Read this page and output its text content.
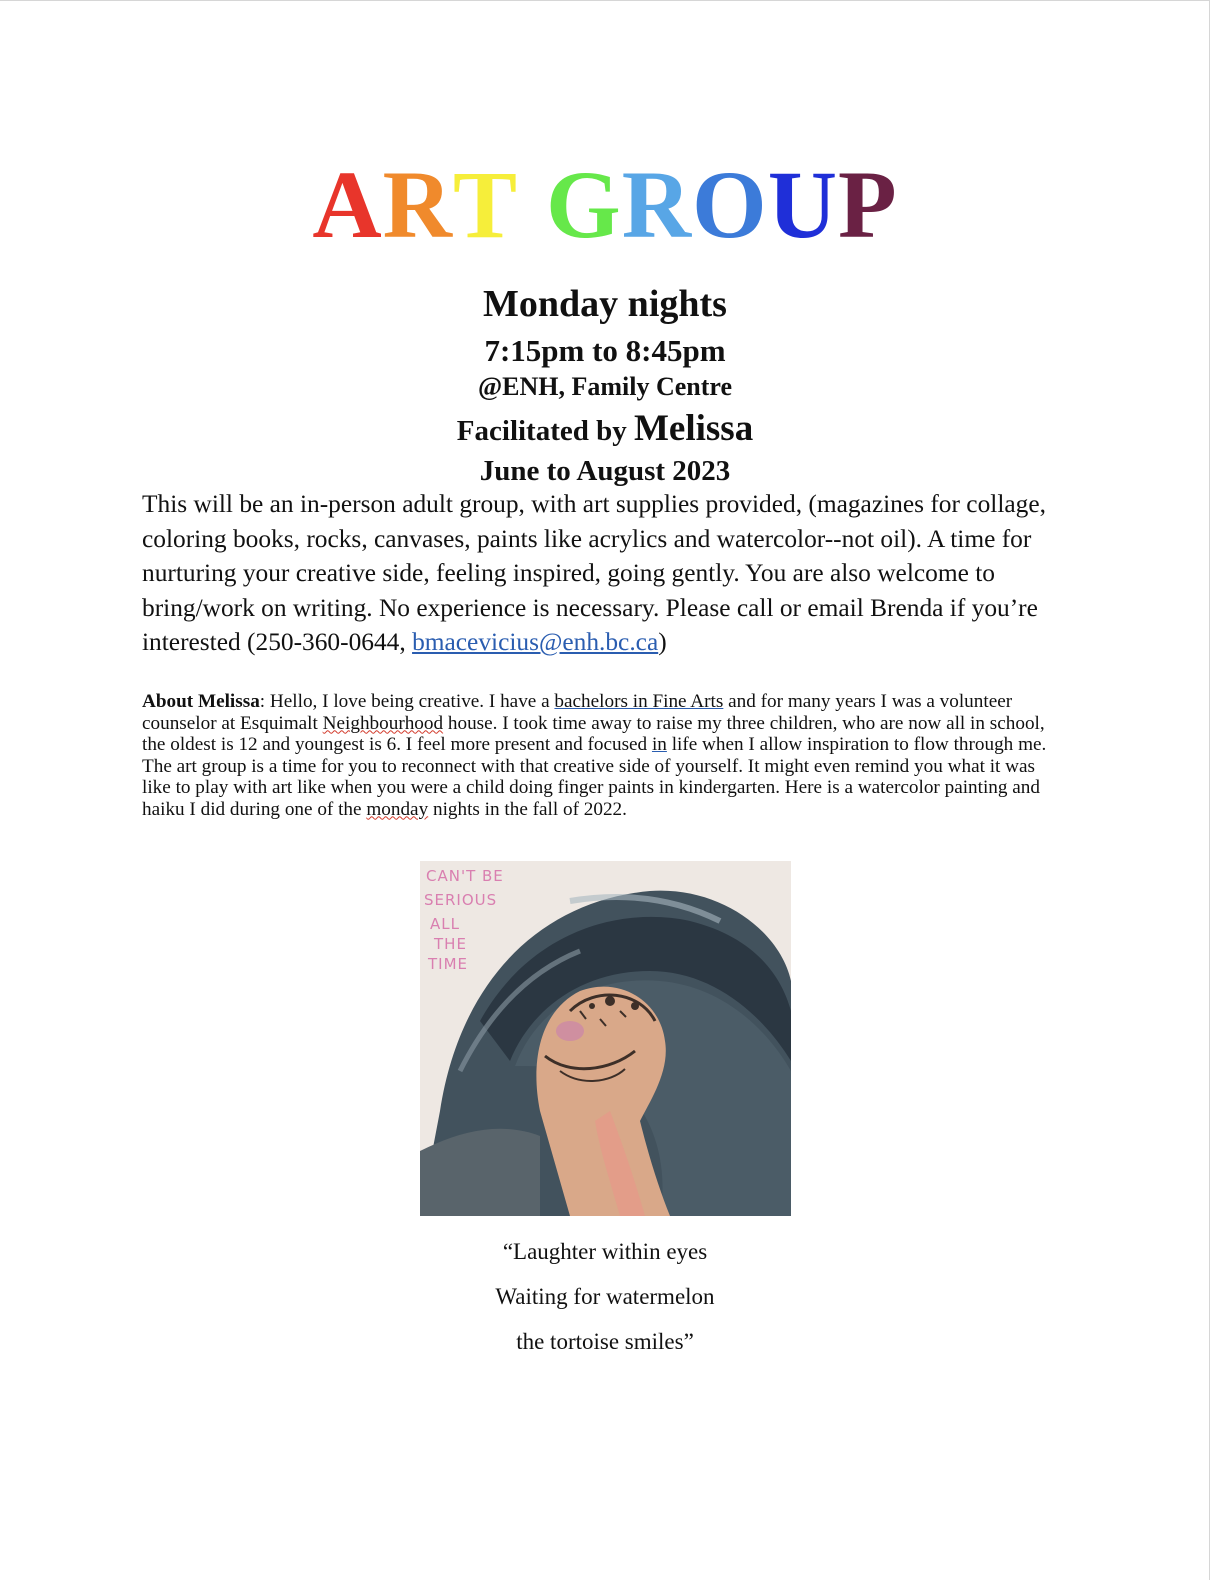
ART GROUP
Monday nights
7:15pm to 8:45pm
@ENH, Family Centre
Facilitated by Melissa
June to August 2023
This will be an in-person adult group, with art supplies provided, (magazines for collage, coloring books, rocks, canvases, paints like acrylics and watercolor--not oil). A time for nurturing your creative side, feeling inspired, going gently. You are also welcome to bring/work on writing. No experience is necessary. Please call or email Brenda if you’re interested (250-360-0644, bmacevicius@enh.bc.ca)
About Melissa: Hello, I love being creative. I have a bachelors in Fine Arts and for many years I was a volunteer counselor at Esquimalt Neighbourhood house. I took time away to raise my three children, who are now all in school, the oldest is 12 and youngest is 6. I feel more present and focused in life when I allow inspiration to flow through me. The art group is a time for you to reconnect with that creative side of yourself. It might even remind you what it was like to play with art like when you were a child doing finger paints in kindergarten. Here is a watercolor painting and haiku I did during one of the monday nights in the fall of 2022.
CAN'T BE
SERIOUS
ALL
THE
TIME
“Laughter within eyes
Waiting for watermelon
the tortoise smiles”
